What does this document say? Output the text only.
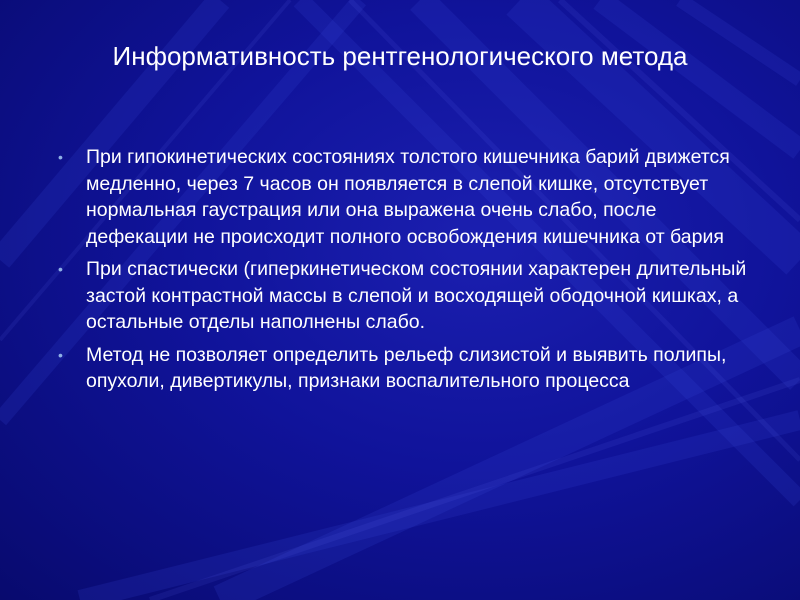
Информативность рентгенологического метода
• При гипокинетических состояниях толстого кишечника барий движется медленно, через 7 часов он появляется в слепой кишке, отсутствует нормальная гаустрация или она выражена очень слабо, после дефекации не происходит полного освобождения кишечника от бария
• При спастически (гиперкинетическом состоянии характерен длительный застой контрастной массы в слепой и восходящей ободочной кишках, а остальные отделы наполнены слабо.
• Метод не позволяет определить рельеф слизистой и выявить полипы, опухоли, дивертикулы, признаки воспалительного процесса
